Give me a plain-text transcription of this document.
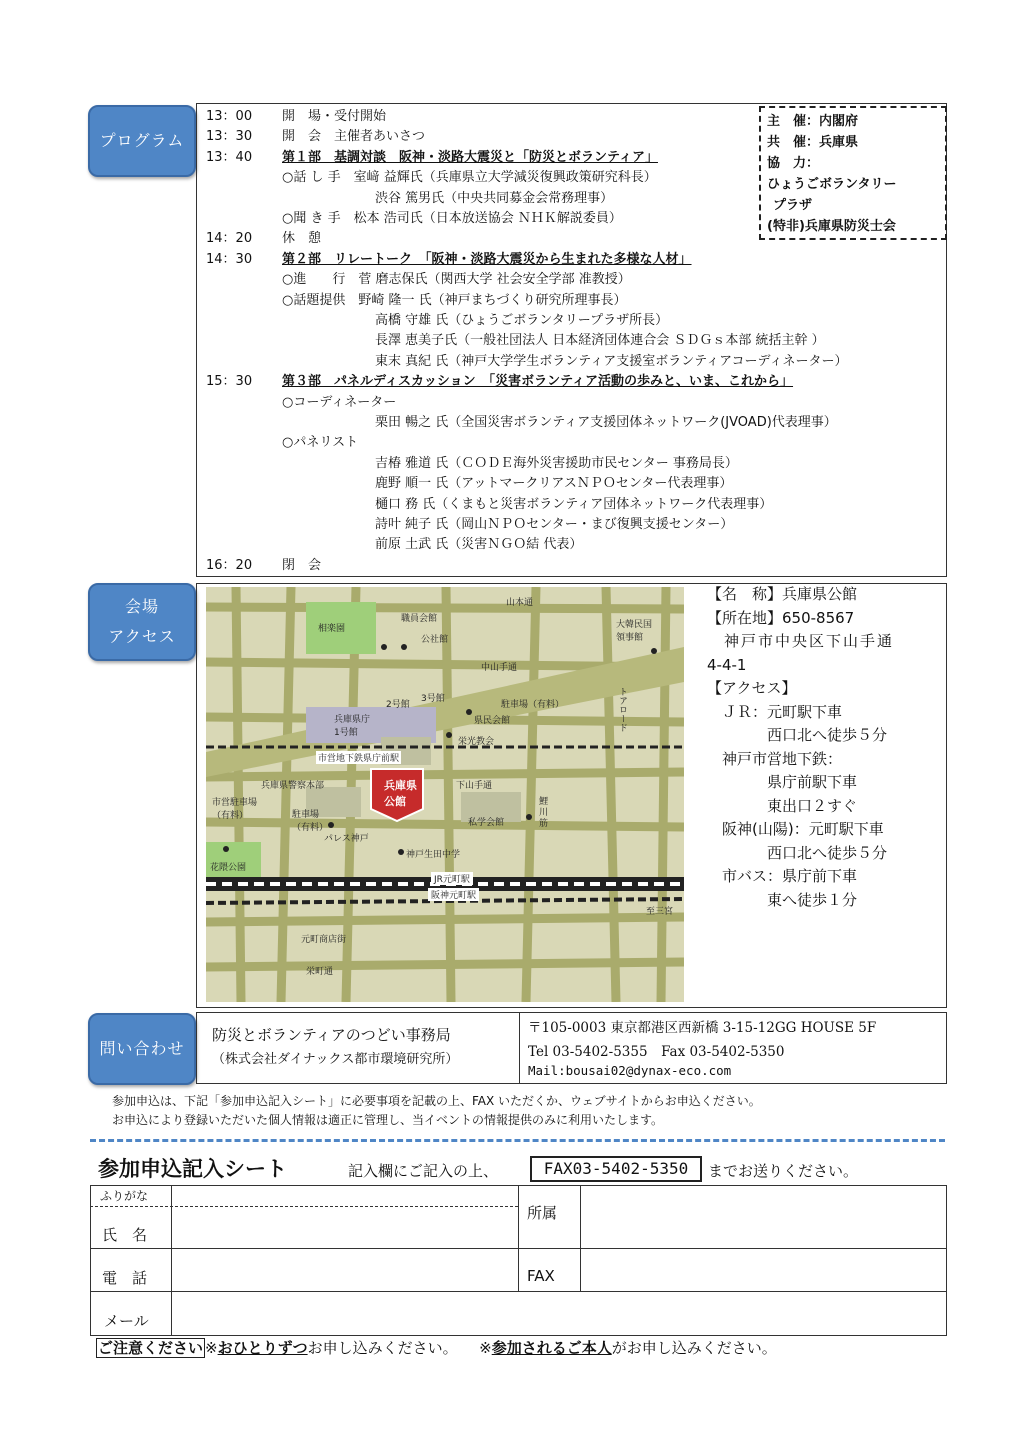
プログラム
13：00	開　場・受付開始
13：30	開　会　主催者あいさつ
13：40	第１部　基調対談　阪神・淡路大震災と「防災とボランティア」
○話 し 手　室﨑 益輝氏（兵庫県立大学減災復興政策研究科長）
渋谷 篤男氏（中央共同募金会常務理事）
○聞 き 手　松本 浩司氏（日本放送協会 ＮＨＫ解説委員）
14：20	休　憩
14：30	第２部　リレートーク　「阪神・淡路大震災から生まれた多様な人材」
○進　　行　菅 磨志保氏（関西大学 社会安全学部 准教授）
○話題提供　野崎 隆一 氏（神戸まちづくり研究所理事長）
高橋 守雄 氏（ひょうごボランタリープラザ所長）
長澤 恵美子氏（一般社団法人 日本経済団体連合会 ＳＤＧｓ本部 統括主幹 ）
東末 真紀 氏（神戸大学学生ボランティア支援室ボランティアコーディネーター）
15：30	第３部　パネルディスカッション　「災害ボランティア活動の歩みと、いま、これから」
○コーディネーター
栗田 暢之 氏（全国災害ボランティア支援団体ネットワーク(JVOAD)代表理事）
○パネリスト
吉椿 雅道 氏（ＣＯＤＥ海外災害援助市民センター 事務局長）
鹿野 順一 氏（アットマークリアスＮＰＯセンター代表理事）
樋口 務 氏（くまもと災害ボランティア団体ネットワーク代表理事）
詩叶 純子 氏（岡山ＮＰＯセンター・まび復興支援センター）
前原 土武 氏（災害ＮＧＯ結 代表）
16：20	閉　会
主　催：内閣府
共　催：兵庫県
協　力：
ひょうごボランタリー
プラザ
(特非)兵庫県防災士会
会場
アクセス
山本通
相楽園
職員会館
公社館
大韓民国
領事館
中山手通
2号館
3号館
駐車場（有料）
県民会館
兵庫県庁
1号館
栄光教会
トアロード
市営地下鉄県庁前駅
兵庫県警察本部	下山手通
市営駐車場
（有料）	駐車場
（有料）
兵庫県
公館
私学会館
パレス神戸
鯉
川
筋
花隈公園
神戸生田中学
JR元町駅
阪神元町駅
至三宮
元町商店街
栄町通
【名　称】兵庫県公館
【所在地】650-8567
　神戸市中央区下山手通
4-4-1
【アクセス】
　ＪＲ：元町駅下車
　　　　西口北へ徒歩５分
　神戸市営地下鉄：
　　　　県庁前駅下車
　　　　東出口２すぐ
　阪神(山陽)：元町駅下車
　　　　西口北へ徒歩５分
　市バス：県庁前下車
　　　　東へ徒歩１分
問い合わせ
防災とボランティアのつどい事務局
（株式会社ダイナックス都市環境研究所）
〒105-0003 東京都港区西新橋 3-15-12GG HOUSE 5F
Tel 03-5402-5355　Fax 03-5402-5350
Mail:bousai02@dynax-eco.com
参加申込は、下記「参加申込記入シート」に必要事項を記載の上、FAX いただくか、ウェブサイトからお申込ください。
お申込により登録いただいた個人情報は適正に管理し、当イベントの情報提供のみに利用いたします。
参加申込記入シート	記入欄にご記入の上、	FAX03-5402-5350	までお送りください。
ふりがな
氏　名
所属
電　話	FAX
メール
ご注意ください ※おひとりずつお申し込みください。　※参加されるご本人がお申し込みください。
